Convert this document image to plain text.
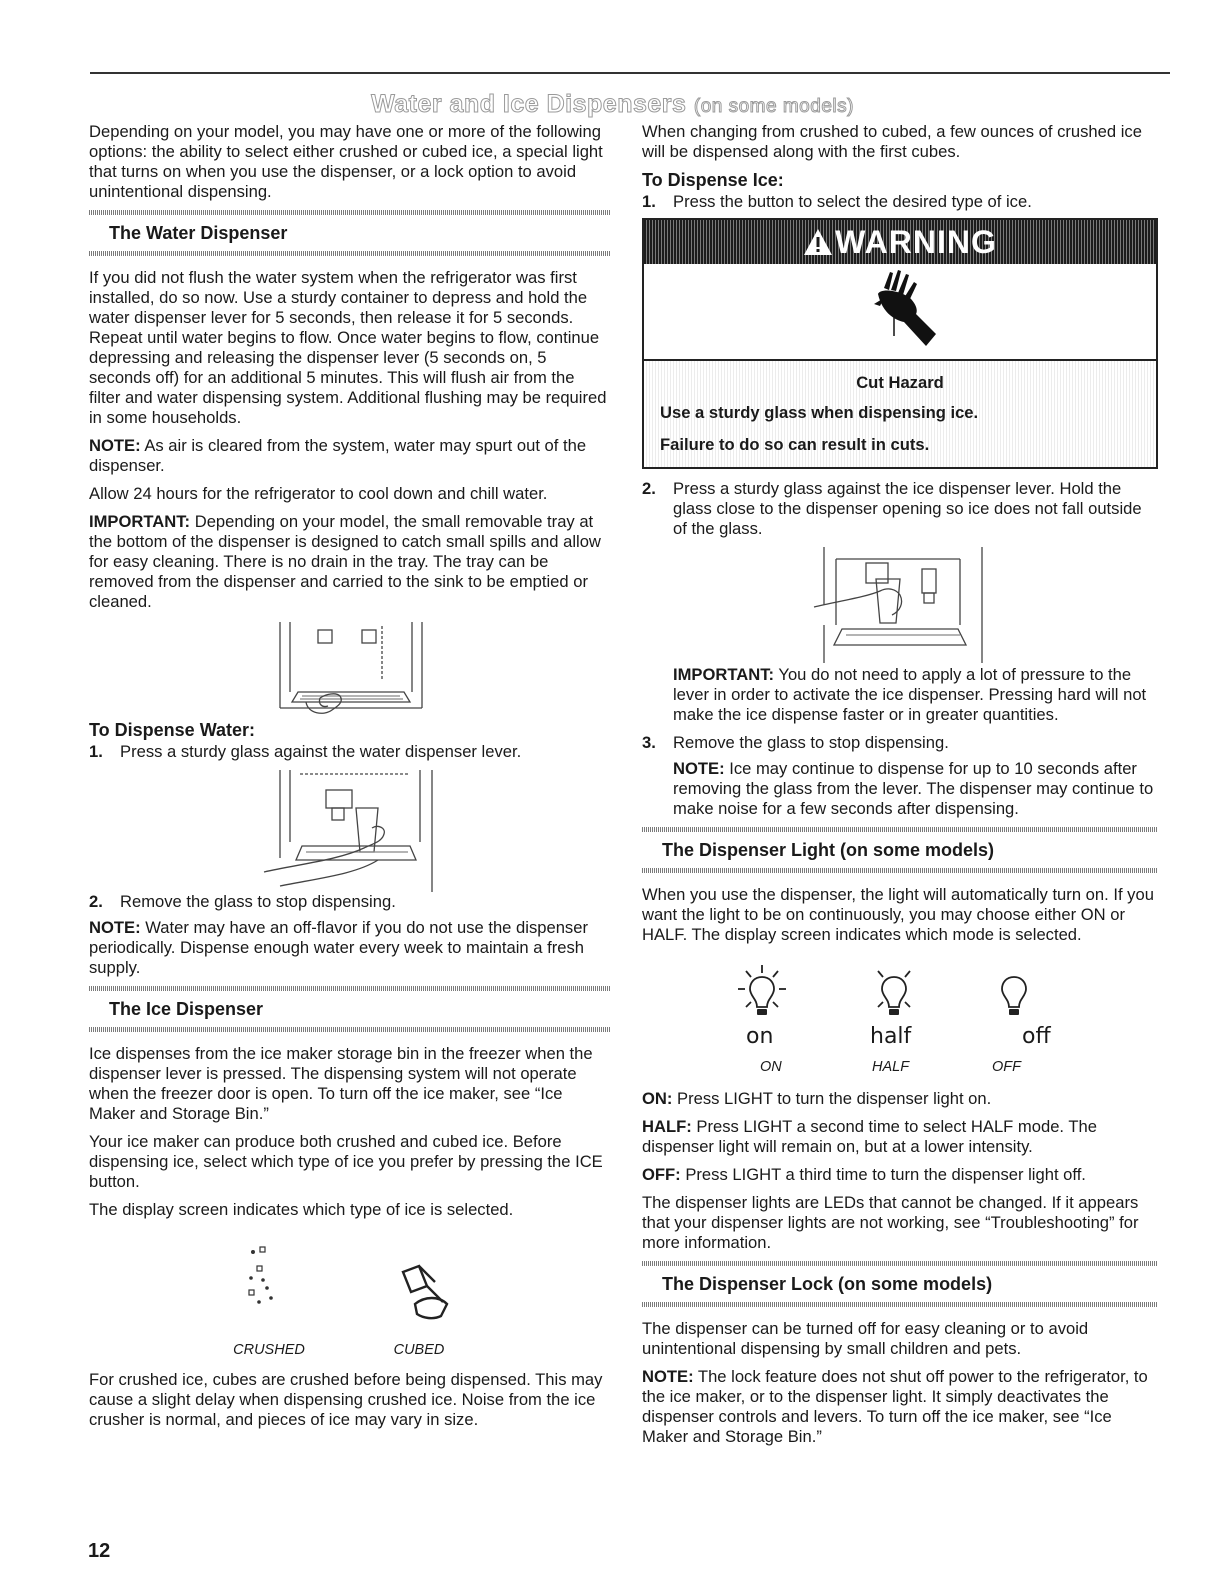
Water and Ice Dispensers (on some models)

Depending on your model, you may have one or more of the following options: the ability to select either crushed or cubed ice, a special light that turns on when you use the dispenser, or a lock option to avoid unintentional dispensing.

The Water Dispenser

If you did not flush the water system when the refrigerator was first installed, do so now. Use a sturdy container to depress and hold the water dispenser lever for 5 seconds, then release it for 5 seconds. Repeat until water begins to flow. Once water begins to flow, continue depressing and releasing the dispenser lever (5 seconds on, 5 seconds off) for an additional 5 minutes. This will flush air from the filter and water dispensing system. Additional flushing may be required in some households.

NOTE: As air is cleared from the system, water may spurt out of the dispenser.

Allow 24 hours for the refrigerator to cool down and chill water.

IMPORTANT: Depending on your model, the small removable tray at the bottom of the dispenser is designed to catch small spills and allow for easy cleaning. There is no drain in the tray. The tray can be removed from the dispenser and carried to the sink to be emptied or cleaned.

To Dispense Water:
1. Press a sturdy glass against the water dispenser lever.
2. Remove the glass to stop dispensing.

NOTE: Water may have an off-flavor if you do not use the dispenser periodically. Dispense enough water every week to maintain a fresh supply.

The Ice Dispenser

Ice dispenses from the ice maker storage bin in the freezer when the dispenser lever is pressed. The dispensing system will not operate when the freezer door is open. To turn off the ice maker, see “Ice Maker and Storage Bin.”

Your ice maker can produce both crushed and cubed ice. Before dispensing ice, select which type of ice you prefer by pressing the ICE button.

The display screen indicates which type of ice is selected.

CRUSHED	CUBED

For crushed ice, cubes are crushed before being dispensed. This may cause a slight delay when dispensing crushed ice. Noise from the ice crusher is normal, and pieces of ice may vary in size.

When changing from crushed to cubed, a few ounces of crushed ice will be dispensed along with the first cubes.

To Dispense Ice:
1. Press the button to select the desired type of ice.
WARNING
Cut Hazard
Use a sturdy glass when dispensing ice.
Failure to do so can result in cuts.
2. Press a sturdy glass against the ice dispenser lever. Hold the glass close to the dispenser opening so ice does not fall outside of the glass.
IMPORTANT: You do not need to apply a lot of pressure to the lever in order to activate the ice dispenser. Pressing hard will not make the ice dispense faster or in greater quantities.
3. Remove the glass to stop dispensing.
NOTE: Ice may continue to dispense for up to 10 seconds after removing the glass from the lever. The dispenser may continue to make noise for a few seconds after dispensing.
The Dispenser Light (on some models)

When you use the dispenser, the light will automatically turn on. If you want the light to be on continuously, you may choose either ON or HALF. The display screen indicates which mode is selected.

on	half	off
ON	HALF	OFF

ON: Press LIGHT to turn the dispenser light on.

HALF: Press LIGHT a second time to select HALF mode. The dispenser light will remain on, but at a lower intensity.

OFF: Press LIGHT a third time to turn the dispenser light off.

The dispenser lights are LEDs that cannot be changed. If it appears that your dispenser lights are not working, see “Troubleshooting” for more information.

The Dispenser Lock (on some models)

The dispenser can be turned off for easy cleaning or to avoid unintentional dispensing by small children and pets.

NOTE: The lock feature does not shut off power to the refrigerator, to the ice maker, or to the dispenser light. It simply deactivates the dispenser controls and levers. To turn off the ice maker, see “Ice Maker and Storage Bin.”

12
